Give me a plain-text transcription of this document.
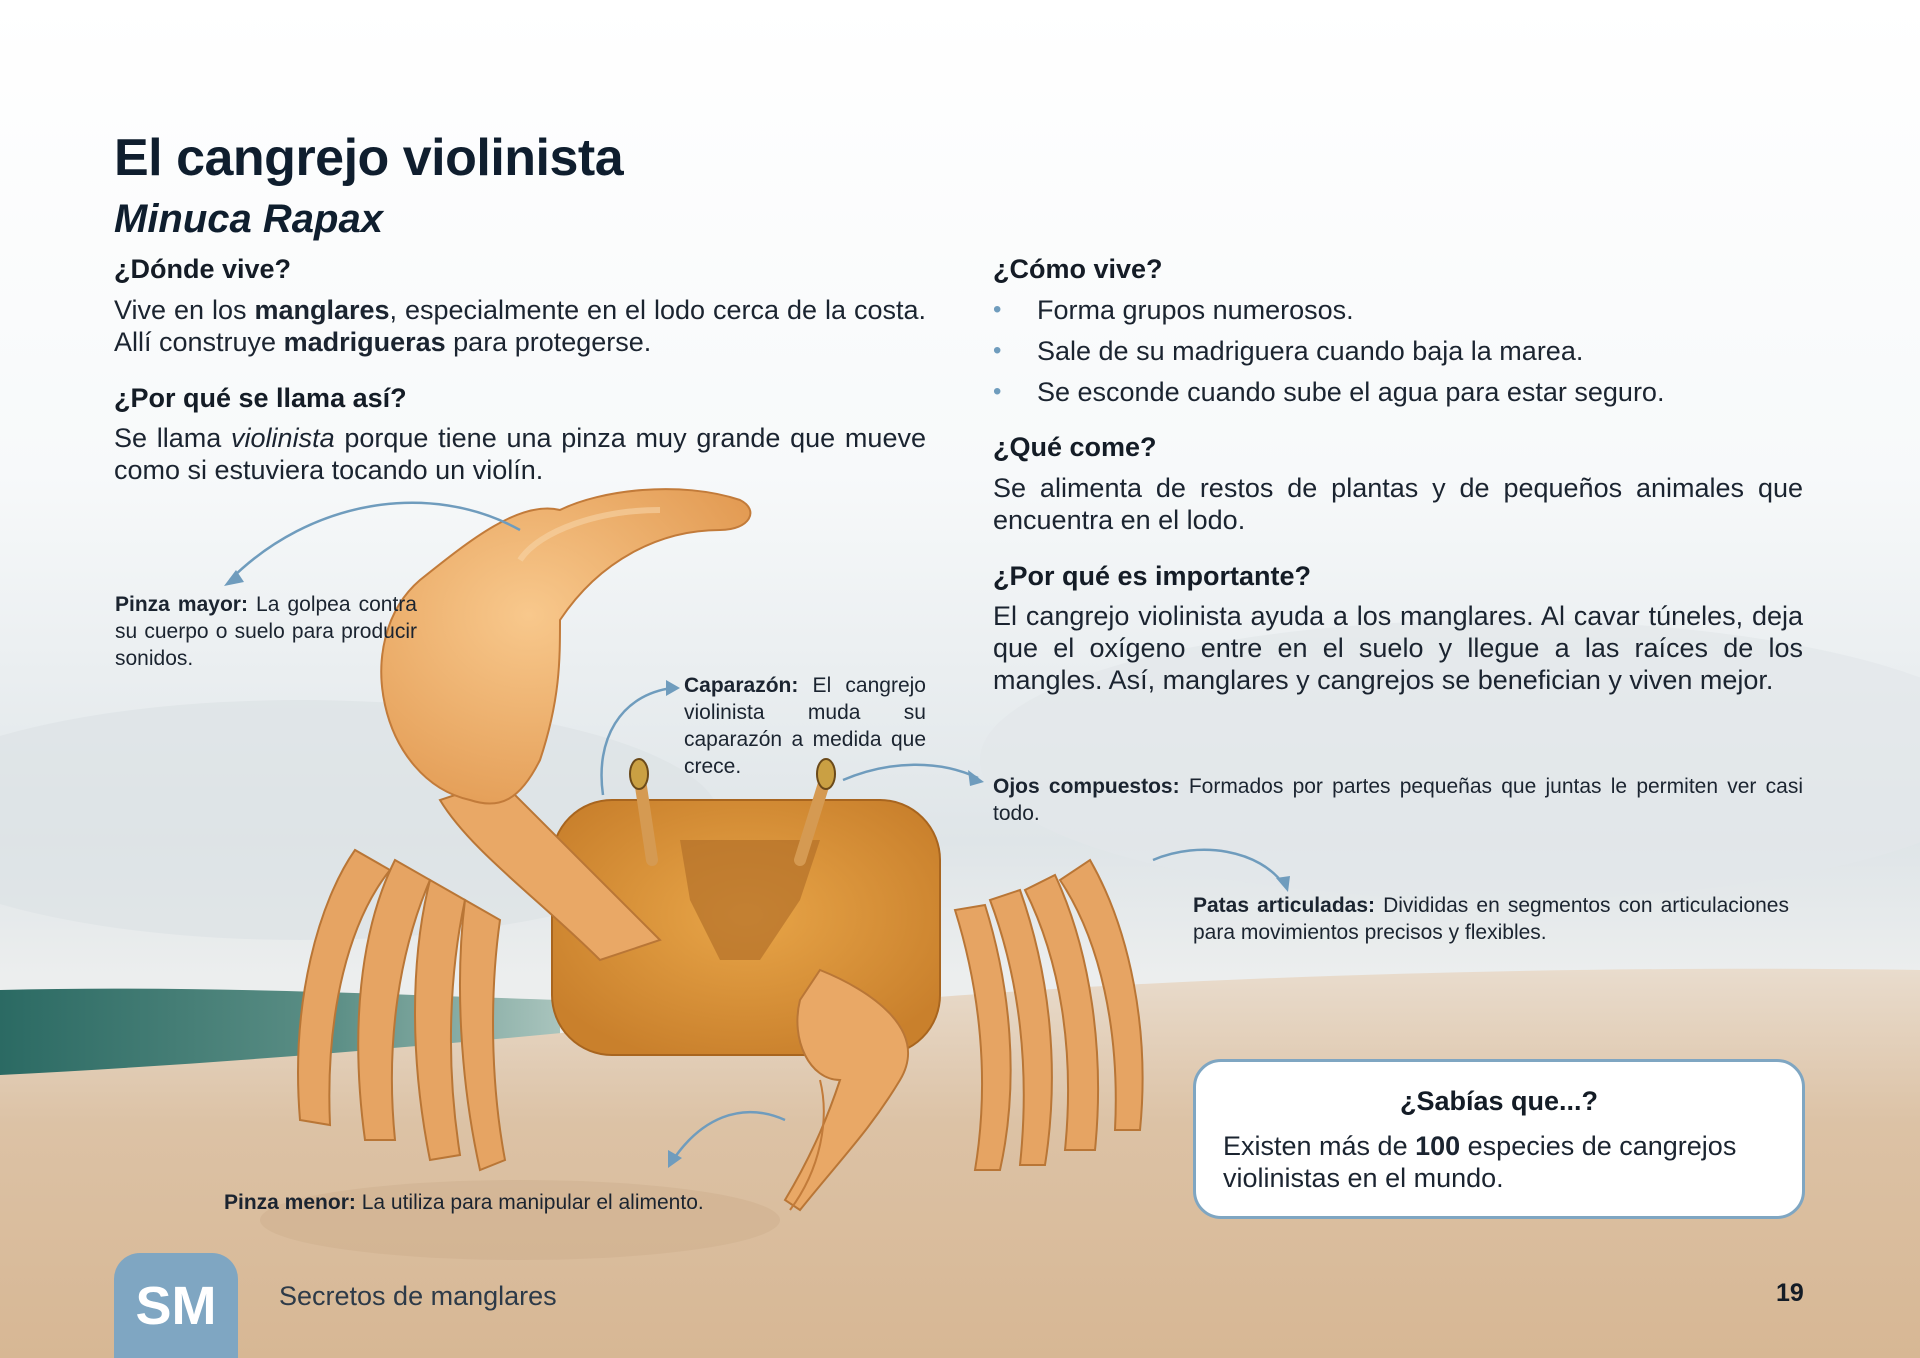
El cangrejo violinista
Minuca Rapax
¿Dónde vive?

Vive en los manglares, especialmente en el lodo cerca de la costa. Allí construye madrigueras para protegerse.

¿Por qué se llama así?

Se llama violinista porque tiene una pinza muy grande que mueve como si estuviera tocando un violín.

¿Cómo vive?
• Forma grupos numerosos.
• Sale de su madriguera cuando baja la marea.
• Se esconde cuando sube el agua para estar seguro.
¿Qué come?

Se alimenta de restos de plantas y de pequeños animales que encuentra en el lodo.

¿Por qué es importante?

El cangrejo violinista ayuda a los manglares. Al cavar túneles, deja que el oxígeno entre en el suelo y llegue a las raíces de los mangles. Así, manglares y cangrejos se benefician y viven mejor.

Pinza mayor: La golpea contra su cuerpo o suelo para producir sonidos.

Caparazón: El cangrejo violinista muda su caparazón a medida que crece.

Ojos compuestos: Formados por partes pequeñas que juntas le permiten ver casi todo.

Patas articuladas: Divididas en segmentos con articulaciones para movimientos precisos y flexibles.

Pinza menor: La utiliza para manipular el alimento.

¿Sabías que...?

Existen más de 100 especies de cangrejos violinistas en el mundo.

SM	Secretos de manglares	19
